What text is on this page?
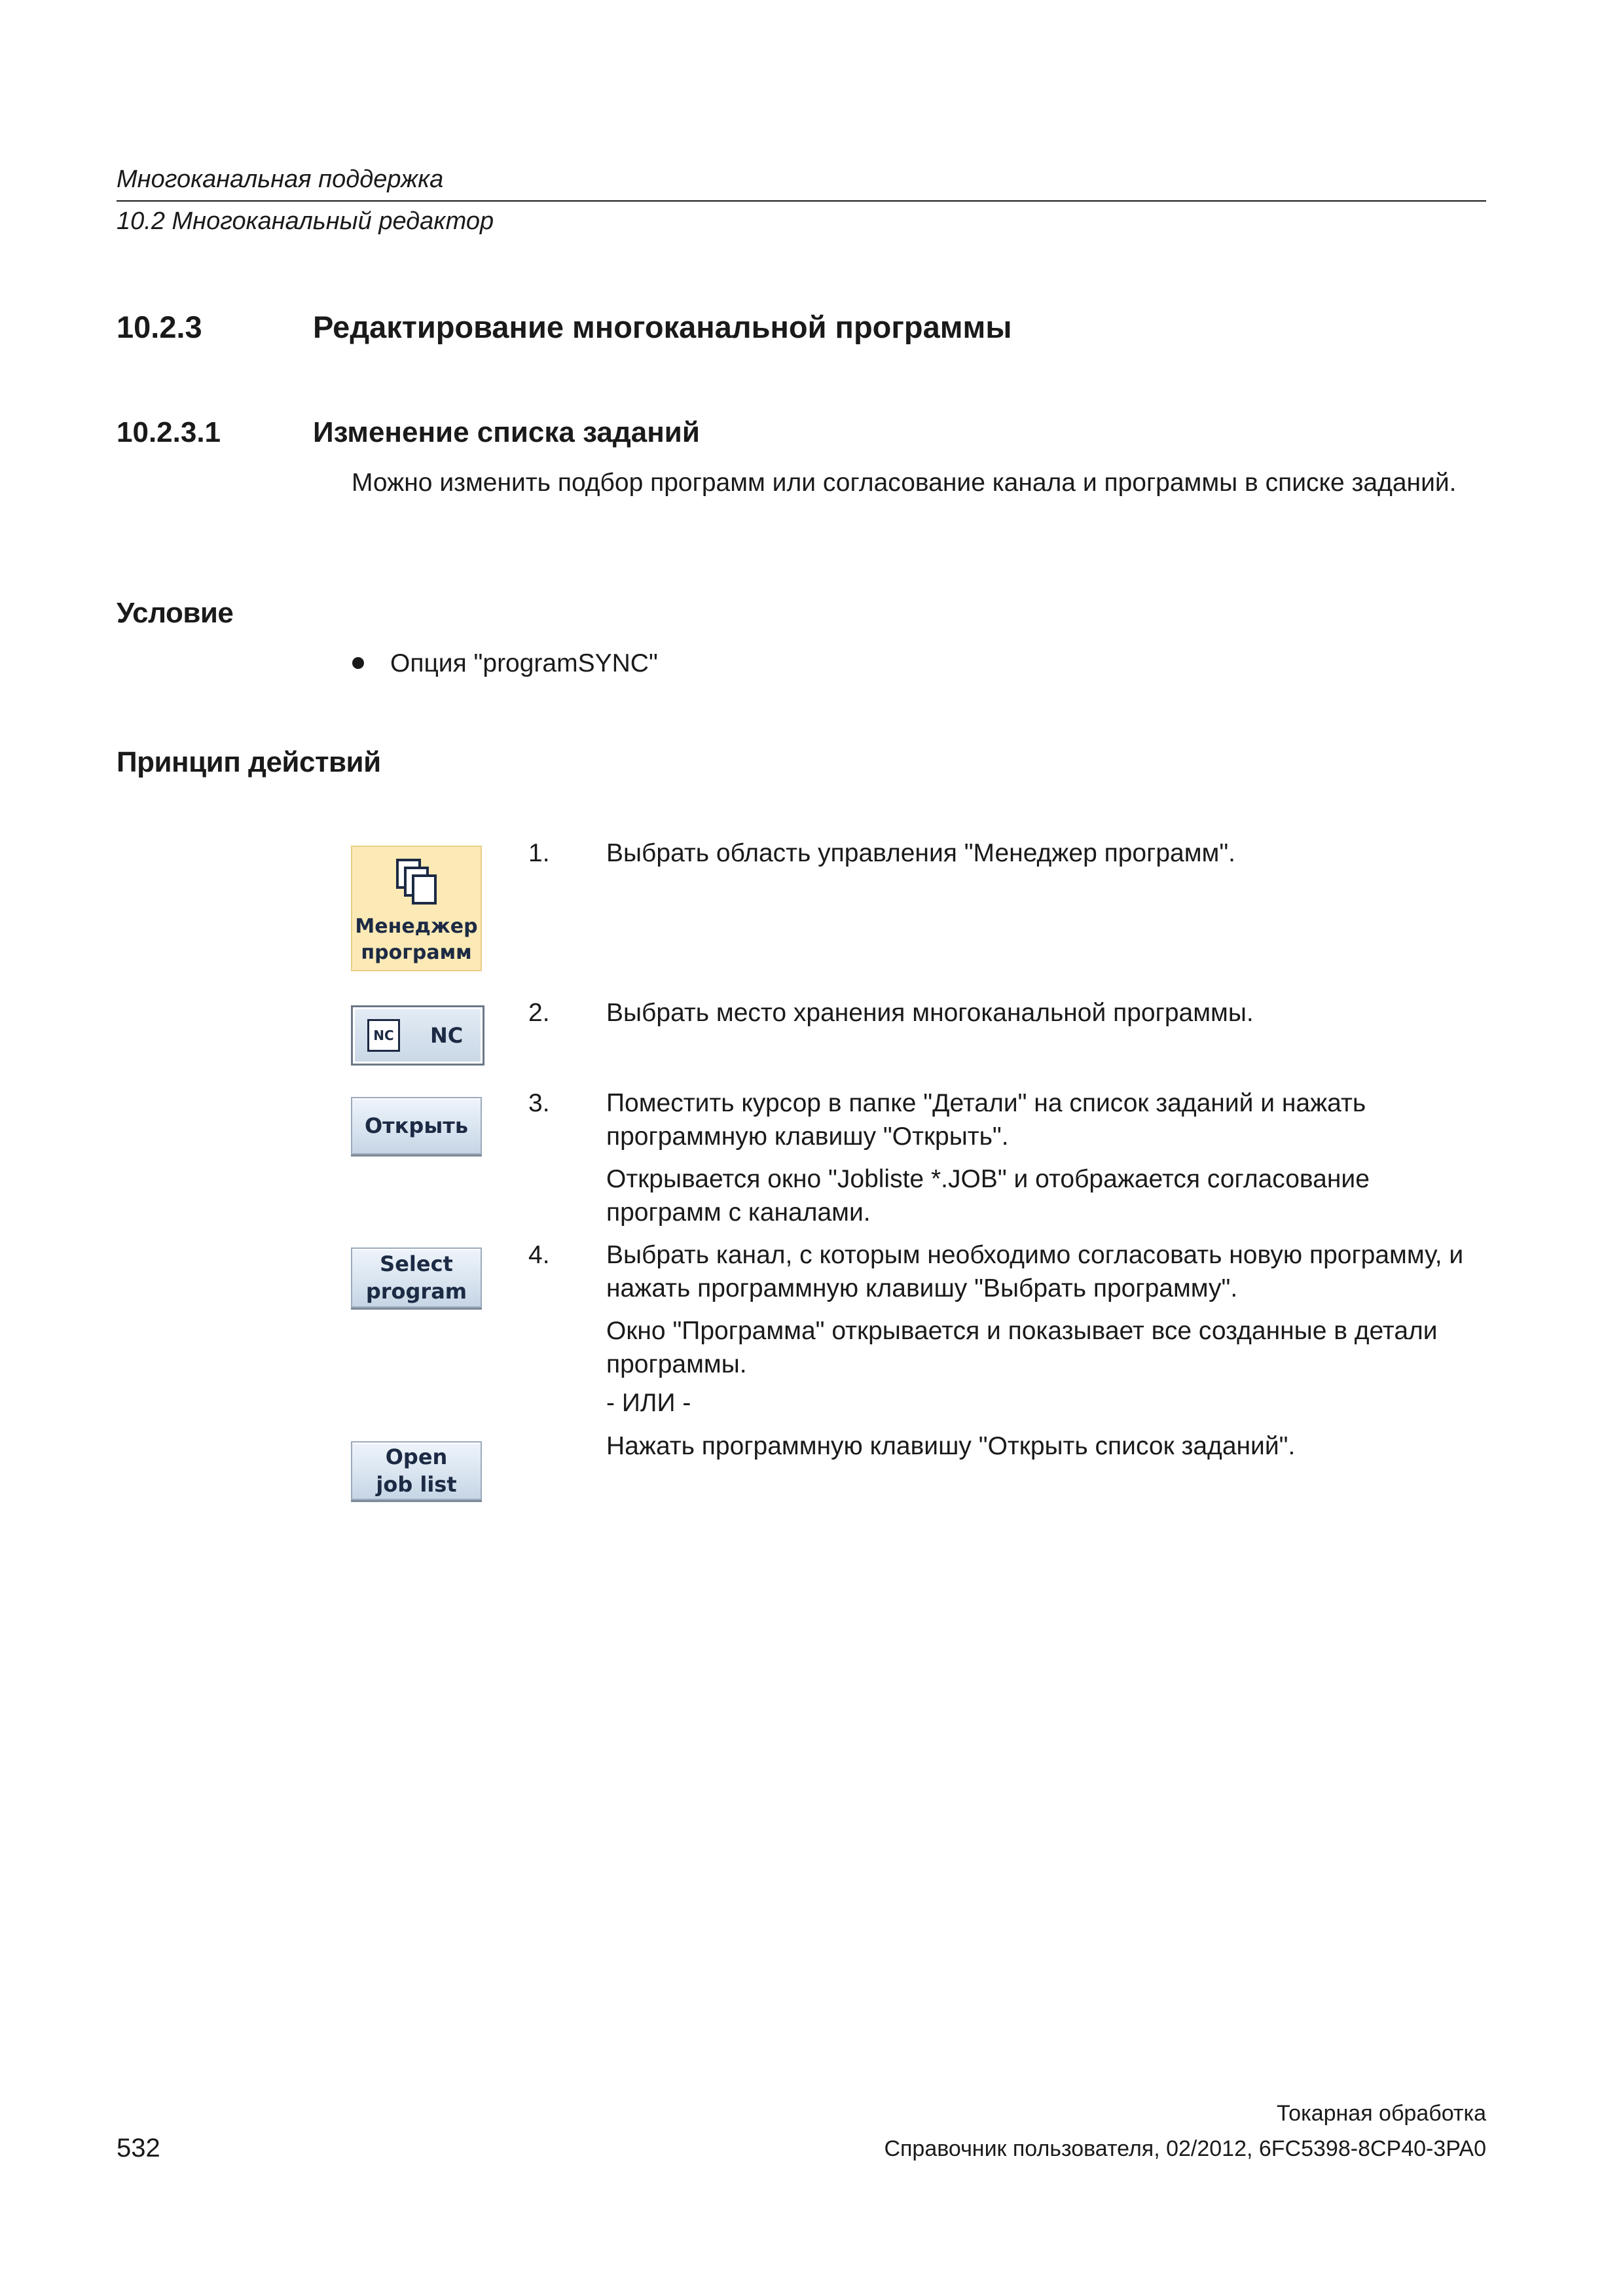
Многоканальная поддержка
10.2 Многоканальный редактор
10.2.3	Редактирование многоканальной программы
10.2.3.1	Изменение списка заданий
Можно изменить подбор программ или согласование канала и программы в списке заданий.
Условие
Опция "programSYNC"
Принцип действий
Менеджер
программ
NC NC
Открыть
Select
program
Open
job list
1. Выбрать область управления "Менеджер программ".
2. Выбрать место хранения многоканальной программы.
3. Поместить курсор в папке "Детали" на список заданий и нажать программную клавишу "Открыть".
Открывается окно "Jobliste *.JOB" и отображается согласование программ с каналами.
4. Выбрать канал, с которым необходимо согласовать новую программу, и нажать программную клавишу "Выбрать программу".
Окно "Программа" открывается и показывает все созданные в детали программы.
- ИЛИ -
Нажать программную клавишу "Открыть список заданий".
Токарная обработка
532	Справочник пользователя, 02/2012, 6FC5398-8CP40-3PA0
